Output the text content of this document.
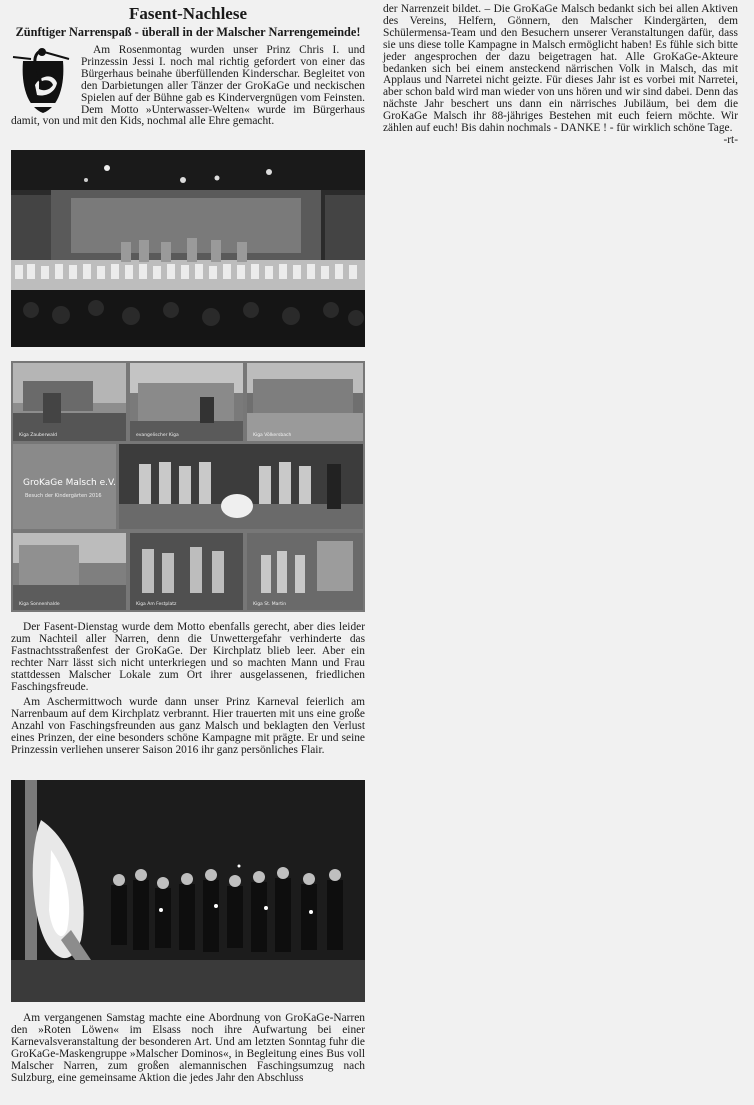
Fasent-Nachlese
Zünftiger Narrenspaß - überall in der Malscher Narrengemeinde!

Am Rosenmontag wurden unser Prinz Chris I. und Prinzessin Jessi I. noch mal richtig gefordert von einer das Bürgerhaus beinahe überfüllenden Kinderschar. Begleitet von den Darbietungen aller Tänzer der GroKaGe und neckischen Spielen auf der Bühne gab es Kindervergnügen vom Feinsten. Dem Motto »Unterwasser-Welten« wurde im Bürgerhaus damit, von und mit den Kids, nochmal alle Ehre gemacht.

Kiga Zauberwald	evangelischer Kiga	Kiga Völkersbach
GroKaGe Malsch e.V.
Besuch der Kindergärten 2016
Kiga Sonnenhalde	Kiga Am Festplatz	Kiga St. Martin

Der Fasent-Dienstag wurde dem Motto ebenfalls gerecht, aber dies leider zum Nachteil aller Narren, denn die Unwettergefahr verhinderte das Fastnachtsstraßenfest der GroKaGe. Der Kirchplatz blieb leer. Aber ein rechter Narr lässt sich nicht unterkriegen und so machten Mann und Frau stattdessen Malscher Lokale zum Ort ihrer ausgelassenen, friedlichen Faschingsfreude.

Am Aschermittwoch wurde dann unser Prinz Karneval feierlich am Narrenbaum auf dem Kirchplatz verbrannt. Hier trauerten mit uns eine große Anzahl von Faschingsfreunden aus ganz Malsch und beklagten den Verlust eines Prinzen, der eine besonders schöne Kampagne mit prägte. Er und seine Prinzessin verliehen unserer Saison 2016 ihr ganz persönliches Flair.

Am vergangenen Samstag machte eine Abordnung von GroKaGe-Narren den »Roten Löwen« im Elsass noch ihre Aufwartung bei einer Karnevalsveranstaltung der besonderen Art. Und am letzten Sonntag fuhr die GroKaGe-Maskengruppe »Malscher Dominos«, in Begleitung eines Bus voll Malscher Narren, zum großen alemannischen Faschingsumzug nach Sulzburg, eine gemeinsame Aktion die jedes Jahr den Abschluss

der Narrenzeit bildet. – Die GroKaGe Malsch bedankt sich bei allen Aktiven des Vereins, Helfern, Gönnern, den Malscher Kindergärten, dem Schülermensa-Team und den Besuchern unserer Veranstaltungen dafür, dass sie uns diese tolle Kampagne in Malsch ermöglicht haben! Es fühle sich bitte jeder angesprochen der dazu beigetragen hat. Alle GroKaGe-Akteure bedanken sich bei einem ansteckend närrischen Volk in Malsch, das mit Applaus und Narretei nicht geizte. Für dieses Jahr ist es vorbei mit Narretei, aber schon bald wird man wieder von uns hören und wir sind dabei. Denn das nächste Jahr beschert uns dann ein närrisches Jubiläum, bei dem die GroKaGe Malsch ihr 88-jähriges Bestehen mit euch feiern möchte. Wir zählen auf euch! Bis dahin nochmals - DANKE ! - für wirklich schöne Tage.
-rt-
